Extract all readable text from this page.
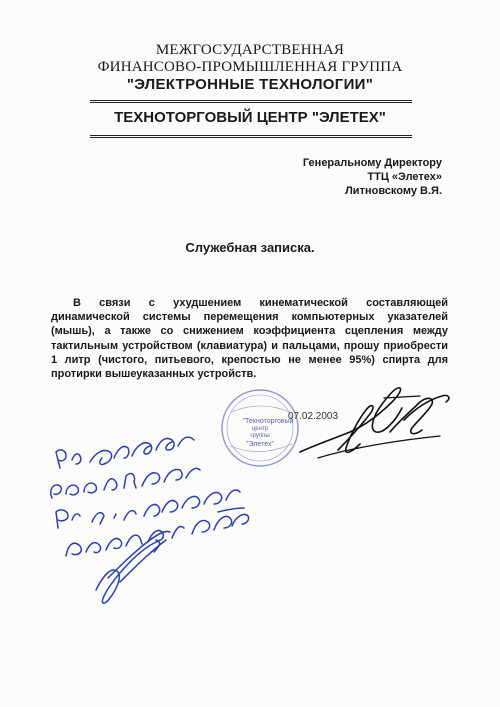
МЕЖГОСУДАРСТВЕННАЯ
ФИНАНСОВО-ПРОМЫШЛЕННАЯ ГРУППА
"ЭЛЕКТРОННЫЕ ТЕХНОЛОГИИ"
ТЕХНОТОРГОВЫЙ ЦЕНТР "ЭЛЕТЕХ"
Генеральному Директору
ТТЦ «Элетех»
Литновскому В.Я.
Служебная записка.
В связи с ухудшением кинематической составляющей динамической системы перемещения компьютерных указателей (мышь), а также со снижением коэффициента сцепления между тактильным устройством (клавиатура) и пальцами, прошу приобрести 1 литр (чистого, питьевого, крепостью не менее 95%) спирта для протирки вышеуказанных устройств.
"Техноторговый
центр
группы
"Элетех"
07.02.2003
